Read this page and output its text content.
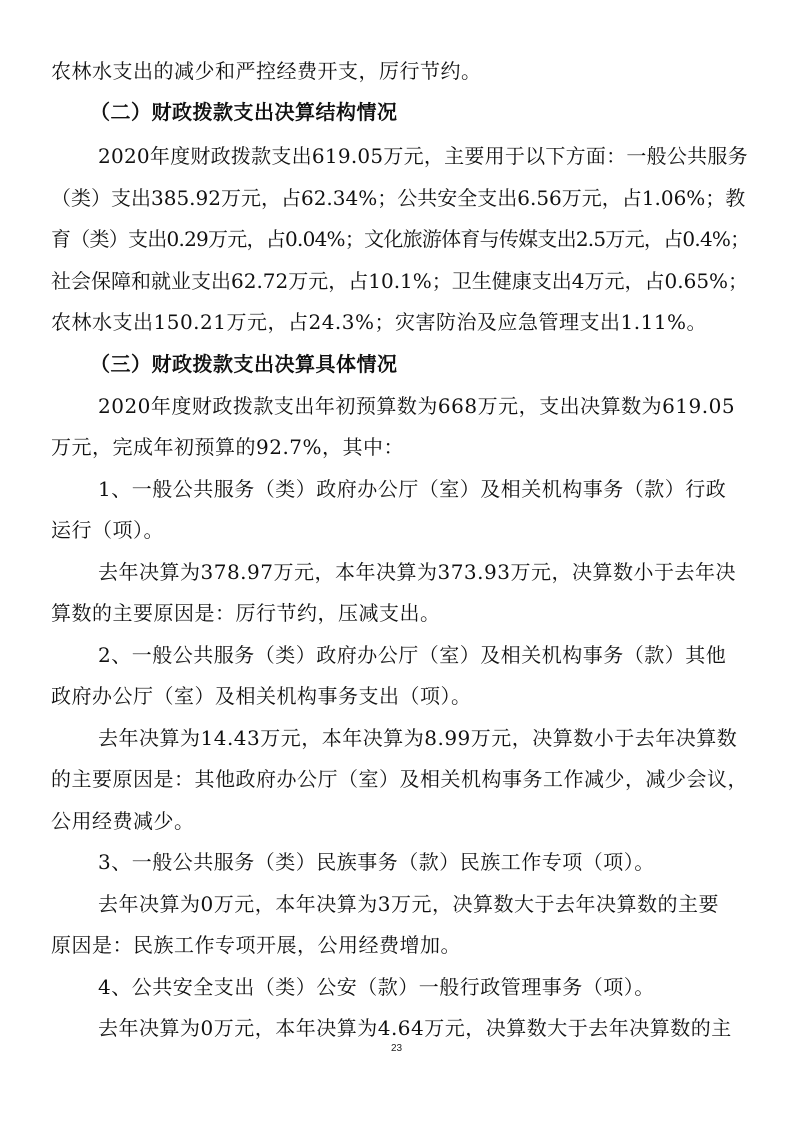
农林水支出的减少和严控经费开支，厉行节约。
（二）财政拨款支出决算结构情况
2020年度财政拨款支出619.05万元，主要用于以下方面：一般公共服务
（类）支出385.92万元，占62.34%；公共安全支出6.56万元，占1.06%；教
育（类）支出0.29万元，占0.04%；文化旅游体育与传媒支出2.5万元，占0.4%；
社会保障和就业支出62.72万元，占10.1%；卫生健康支出4万元，占0.65%；
农林水支出150.21万元，占24.3%；灾害防治及应急管理支出1.11%。
（三）财政拨款支出决算具体情况
2020年度财政拨款支出年初预算数为668万元，支出决算数为619.05
万元，完成年初预算的92.7%，其中：
1、一般公共服务（类）政府办公厅（室）及相关机构事务（款）行政
运行（项）。
去年决算为378.97万元，本年决算为373.93万元，决算数小于去年决
算数的主要原因是：厉行节约，压减支出。
2、一般公共服务（类）政府办公厅（室）及相关机构事务（款）其他
政府办公厅（室）及相关机构事务支出（项）。
去年决算为14.43万元，本年决算为8.99万元，决算数小于去年决算数
的主要原因是：其他政府办公厅（室）及相关机构事务工作减少，减少会议，
公用经费减少。
3、一般公共服务（类）民族事务（款）民族工作专项（项）。
去年决算为0万元，本年决算为3万元，决算数大于去年决算数的主要
原因是：民族工作专项开展，公用经费增加。
4、公共安全支出（类）公安（款）一般行政管理事务（项）。
去年决算为0万元，本年决算为4.64万元，决算数大于去年决算数的主
23
